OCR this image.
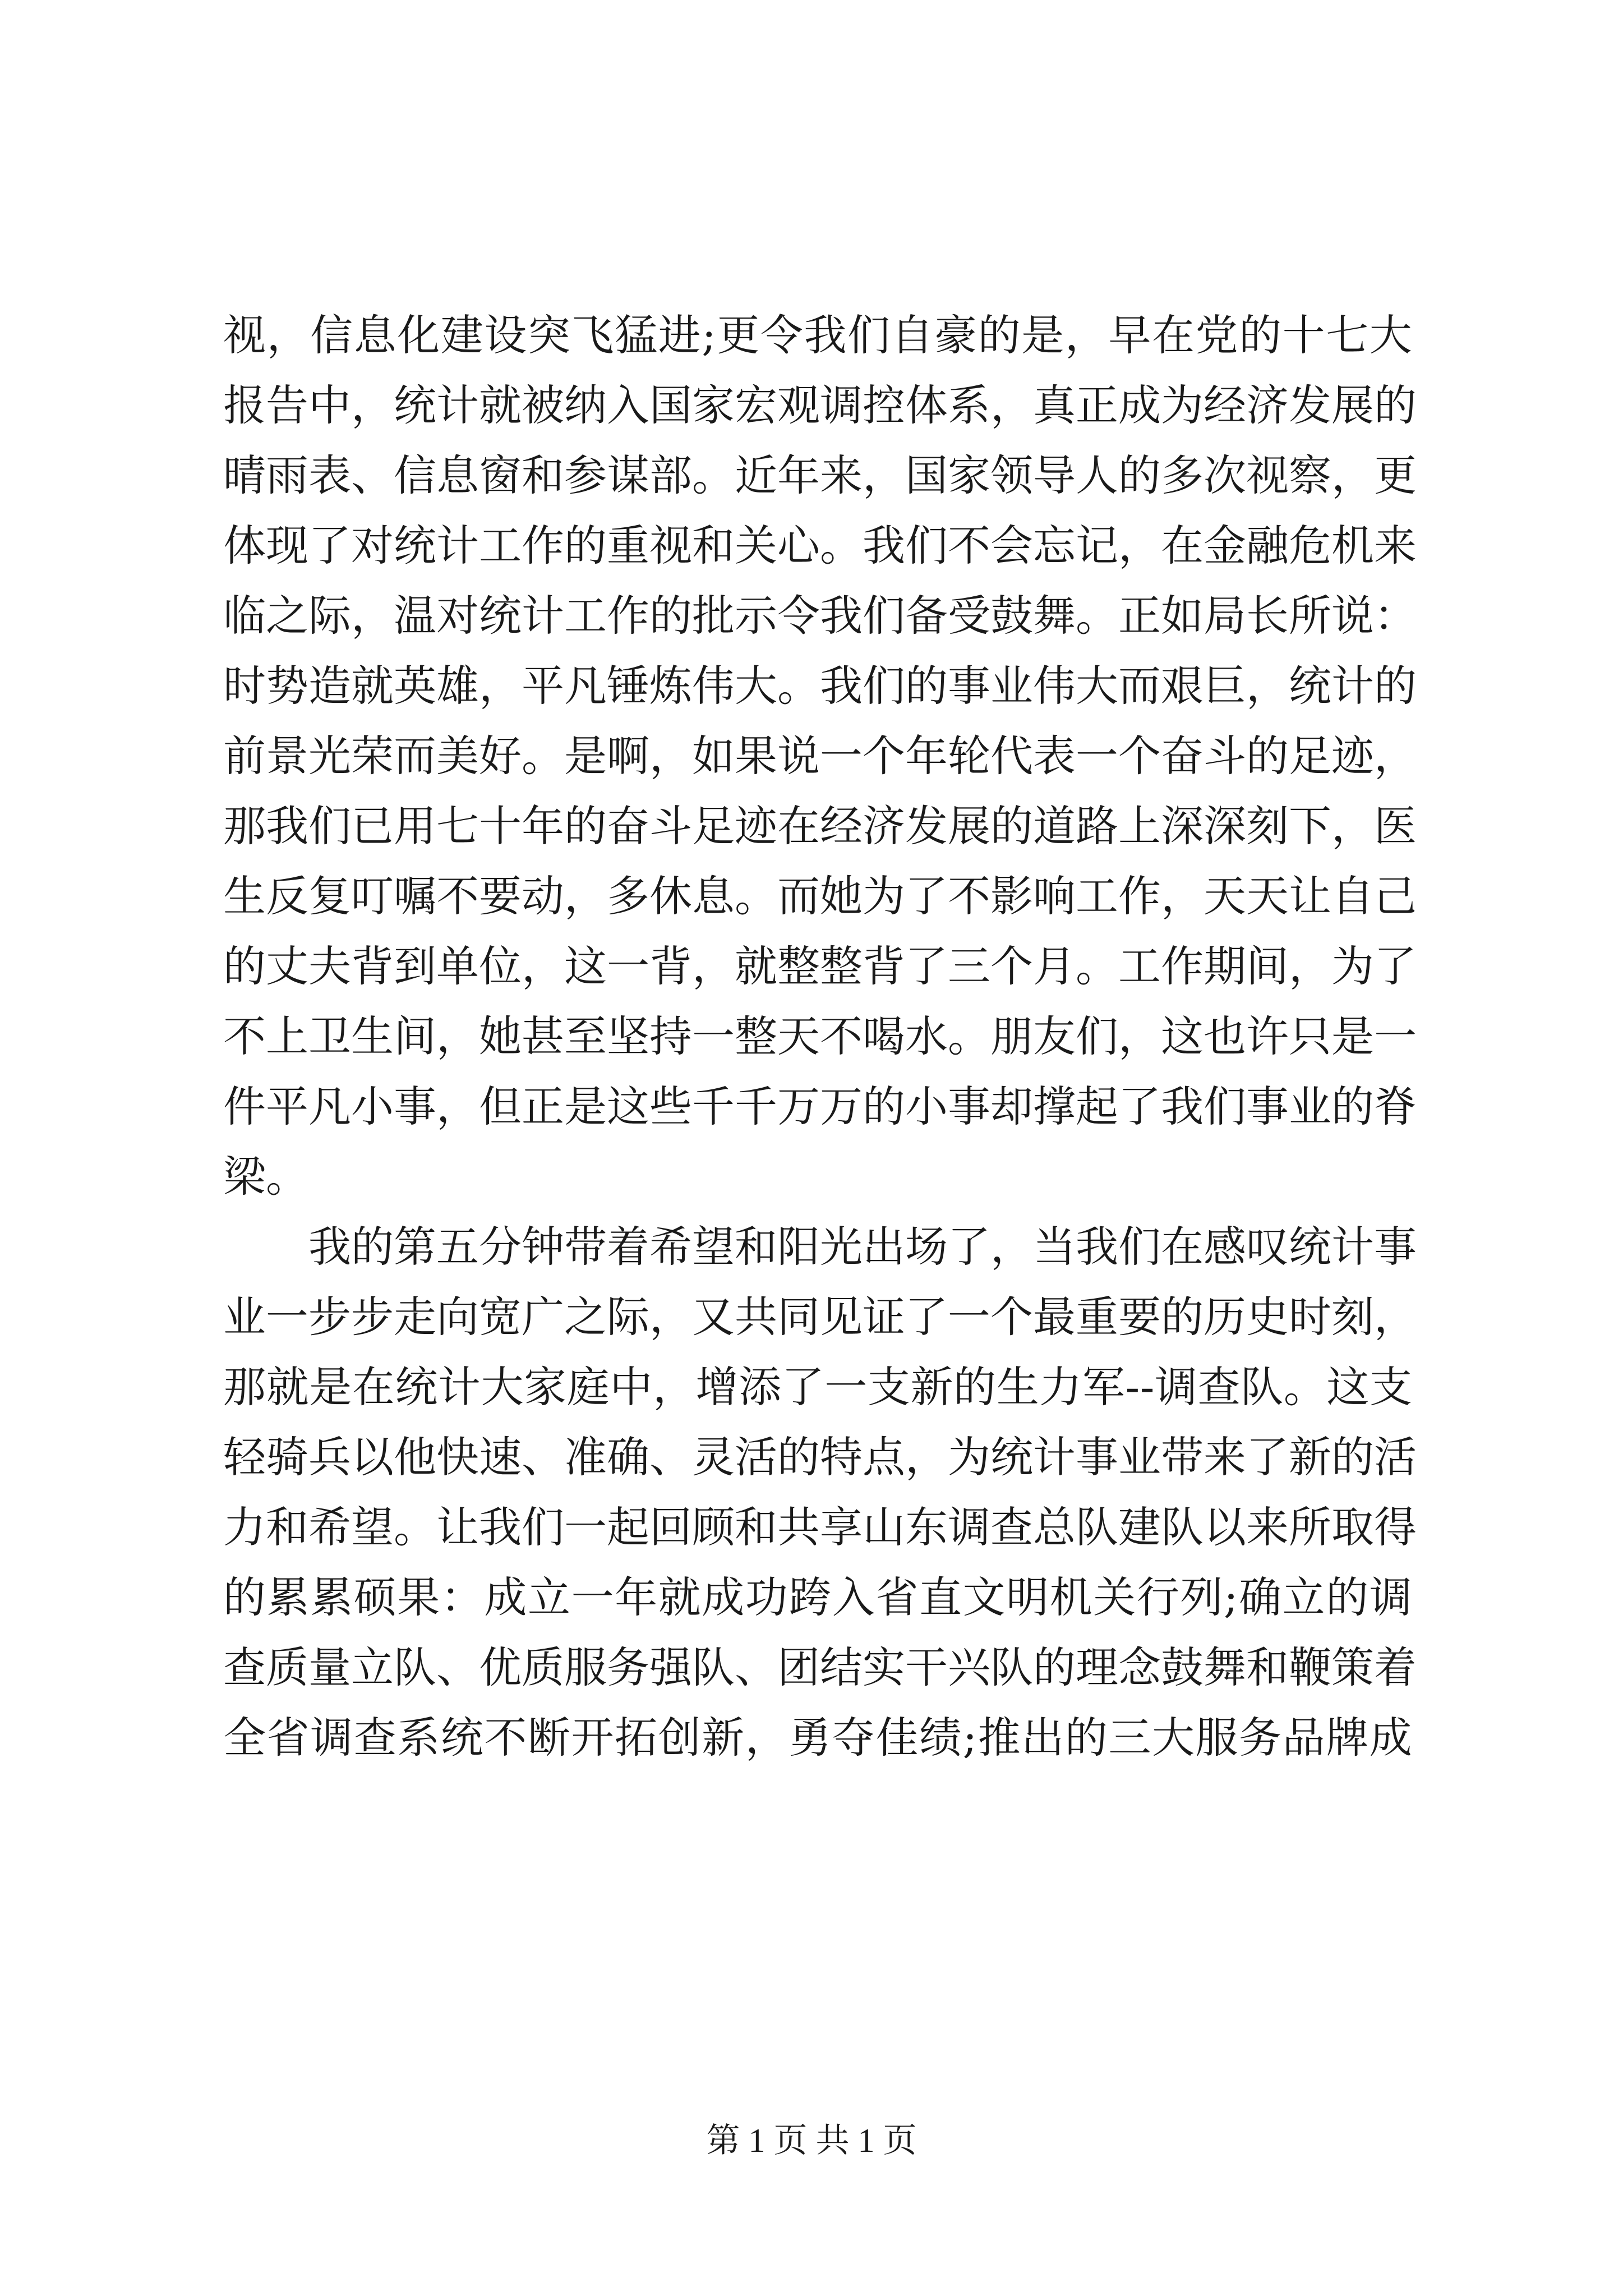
视 ， 信 息 化 建 设 突 飞 猛 进 ; 更 令 我 们 自 豪 的 是 ， 早 在 党 的 十 七 大
报 告 中 ， 统 计 就 被 纳 入 国 家 宏 观 调 控 体 系 ， 真 正 成 为 经 济 发 展 的
晴 雨 表 、 信 息 窗 和 参 谋 部 。 近 年 来 ， 国 家 领 导 人 的 多 次 视 察 ， 更
体 现 了 对 统 计 工 作 的 重 视 和 关 心 。 我 们 不 会 忘 记 ， 在 金 融 危 机 来
临 之 际 ， 温 对 统 计 工 作 的 批 示 令 我 们 备 受 鼓 舞 。 正 如 局 长 所 说 ：
时 势 造 就 英 雄 ， 平 凡 锤 炼 伟 大 。 我 们 的 事 业 伟 大 而 艰 巨 ， 统 计 的
前 景 光 荣 而 美 好 。 是 啊 ， 如 果 说 一 个 年 轮 代 表 一 个 奋 斗 的 足 迹 ，
那 我 们 已 用 七 十 年 的 奋 斗 足 迹 在 经 济 发 展 的 道 路 上 深 深 刻 下 ， 医
生 反 复 叮 嘱 不 要 动 ， 多 休 息 。 而 她 为 了 不 影 响 工 作 ， 天 天 让 自 己
的 丈 夫 背 到 单 位 ， 这 一 背 ， 就 整 整 背 了 三 个 月 。 工 作 期 间 ， 为 了
不 上 卫 生 间 ， 她 甚 至 坚 持 一 整 天 不 喝 水 。 朋 友 们 ， 这 也 许 只 是 一
件 平 凡 小 事 ， 但 正 是 这 些 千 千 万 万 的 小 事 却 撑 起 了 我 们 事 业 的 脊
梁 。
我 的 第 五 分 钟 带 着 希 望 和 阳 光 出 场 了 ， 当 我 们 在 感 叹 统 计 事
业 一 步 步 走 向 宽 广 之 际 ， 又 共 同 见 证 了 一 个 最 重 要 的 历 史 时 刻 ，
那 就 是 在 统 计 大 家 庭 中 ， 增 添 了 一 支 新 的 生 力 军 - - 调 查 队 。 这 支
轻 骑 兵 以 他 快 速 、 准 确 、 灵 活 的 特 点 ， 为 统 计 事 业 带 来 了 新 的 活
力 和 希 望 。 让 我 们 一 起 回 顾 和 共 享 山 东 调 查 总 队 建 队 以 来 所 取 得
的 累 累 硕 果 ： 成 立 一 年 就 成 功 跨 入 省 直 文 明 机 关 行 列 ; 确 立 的 调
查 质 量 立 队 、 优 质 服 务 强 队 、 团 结 实 干 兴 队 的 理 念 鼓 舞 和 鞭 策 着
全 省 调 查 系 统 不 断 开 拓 创 新 ， 勇 夺 佳 绩 ; 推 出 的 三 大 服 务 品 牌 成
第 1 页 共 1 页
